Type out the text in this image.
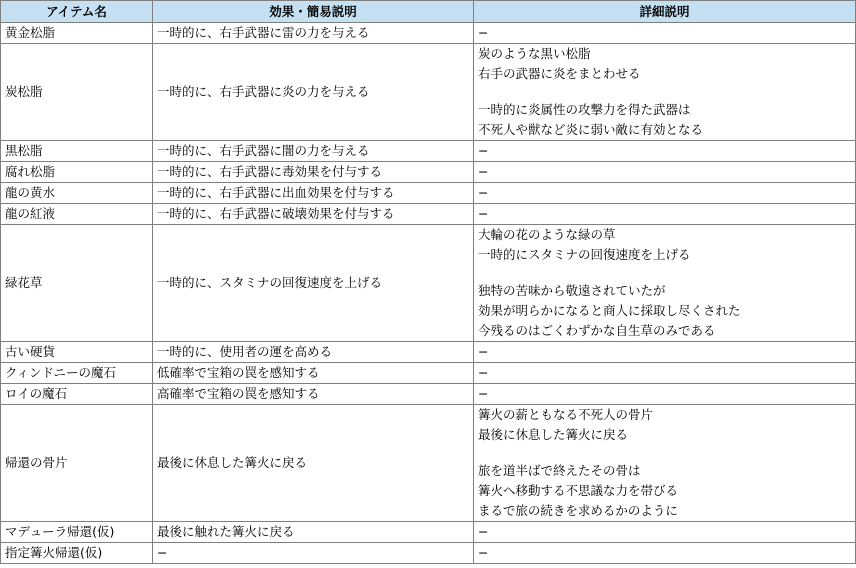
アイテム名	効果・簡易説明	詳細説明
黄金松脂	一時的に、右手武器に雷の力を与える	−
炭松脂	一時的に、右手武器に炎の力を与える	炭のような黒い松脂
右手の武器に炎をまとわせる
一時的に炎属性の攻撃力を得た武器は
不死人や獣など炎に弱い敵に有効となる

黒松脂	一時的に、右手武器に闇の力を与える	−
腐れ松脂	一時的に、右手武器に毒効果を付与する	−
龍の黄水	一時的に、右手武器に出血効果を付与する	−
龍の紅液	一時的に、右手武器に破壊効果を付与する	−
緑花草	一時的に、スタミナの回復速度を上げる	大輪の花のような緑の草
一時的にスタミナの回復速度を上げる
独特の苦味から敬遠されていたが
効果が明らかになると商人に採取し尽くされた
今残るのはごくわずかな自生草のみである

古い硬貨	一時的に、使用者の運を高める	−
クィンドニーの魔石	低確率で宝箱の罠を感知する	−
ロイの魔石	高確率で宝箱の罠を感知する	−
帰還の骨片	最後に休息した篝火に戻る	篝火の薪ともなる不死人の骨片
最後に休息した篝火に戻る
旅を道半ばで終えたその骨は
篝火へ移動する不思議な力を帯びる
まるで旅の続きを求めるかのように

マデューラ帰還(仮)	最後に触れた篝火に戻る	−
指定篝火帰還(仮)	−	−
